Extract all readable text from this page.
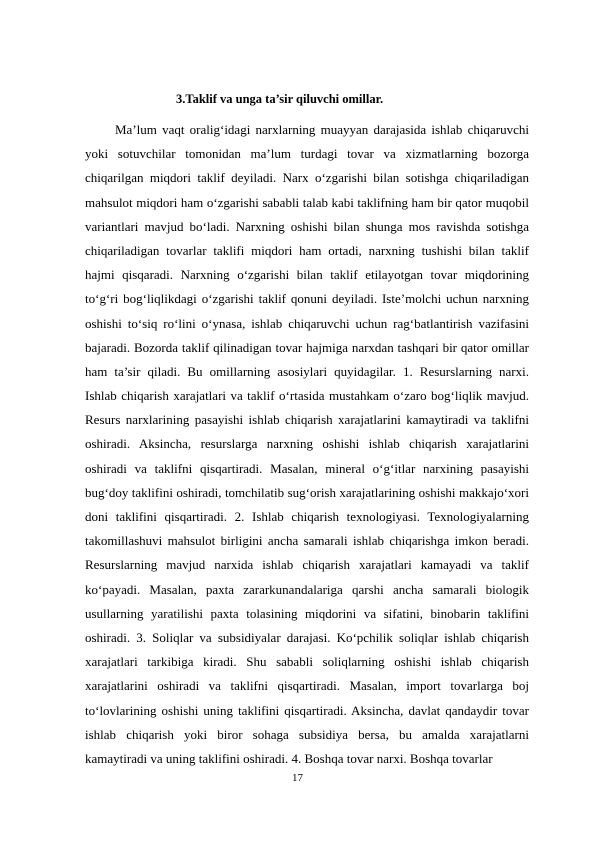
3.Taklif va unga ta’sir qiluvchi omillar.

Ma’lum vaqt oralig‘idagi narxlarning muayyan darajasida ishlab chiqaruvchi yoki sotuvchilar tomonidan ma’lum turdagi tovar va xizmatlarning bozorga chiqarilgan miqdori taklif deyiladi. Narx o‘zgarishi bilan sotishga chiqariladigan mahsulot miqdori ham o‘zgarishi sababli talab kabi taklifning ham bir qator muqobil variantlari mavjud bo‘ladi. Narxning oshishi bilan shunga mos ravishda sotishga chiqariladigan tovarlar taklifi miqdori ham ortadi, narxning tushishi bilan taklif hajmi qisqaradi. Narxning o‘zgarishi bilan taklif etilayotgan tovar miqdorining to‘g‘ri bog‘liqlikdagi o‘zgarishi taklif qonuni deyiladi. Iste’molchi uchun narxning oshishi to‘siq ro‘lini o‘ynasa, ishlab chiqaruvchi uchun rag‘batlantirish vazifasini bajaradi. Bozorda taklif qilinadigan tovar hajmiga narxdan tashqari bir qator omillar ham ta’sir qiladi. Bu omillarning asosiylari quyidagilar. 1. Resurslarning narxi. Ishlab chiqarish xarajatlari va taklif o‘rtasida mustahkam o‘zaro bog‘liqlik mavjud. Resurs narxlarining pasayishi ishlab chiqarish xarajatlarini kamaytiradi va taklifni oshiradi. Aksincha, resurslarga narxning oshishi ishlab chiqarish xarajatlarini oshiradi va taklifni qisqartiradi. Masalan, mineral o‘g‘itlar narxining pasayishi bug‘doy taklifini oshiradi, tomchilatib sug‘orish xarajatlarining oshishi makkajo‘xori doni taklifini qisqartiradi. 2. Ishlab chiqarish texnologiyasi. Texnologiyalarning takomillashuvi mahsulot birligini ancha samarali ishlab chiqarishga imkon beradi. Resurslarning mavjud narxida ishlab chiqarish xarajatlari kamayadi va taklif ko‘payadi. Masalan, paxta zararkunandalariga qarshi ancha samarali biologik usullarning yaratilishi paxta tolasining miqdorini va sifatini, binobarin taklifini oshiradi. 3. Soliqlar va subsidiyalar darajasi. Ko‘pchilik soliqlar ishlab chiqarish xarajatlari tarkibiga kiradi. Shu sababli soliqlarning oshishi ishlab chiqarish xarajatlarini oshiradi va taklifni qisqartiradi. Masalan, import tovarlarga boj to‘lovlarining oshishi uning taklifini qisqartiradi. Aksincha, davlat qandaydir tovar ishlab chiqarish yoki biror sohaga subsidiya bersa, bu amalda xarajatlarni kamaytiradi va uning taklifini oshiradi. 4. Boshqa tovar narxi. Boshqa tovarlar

17
